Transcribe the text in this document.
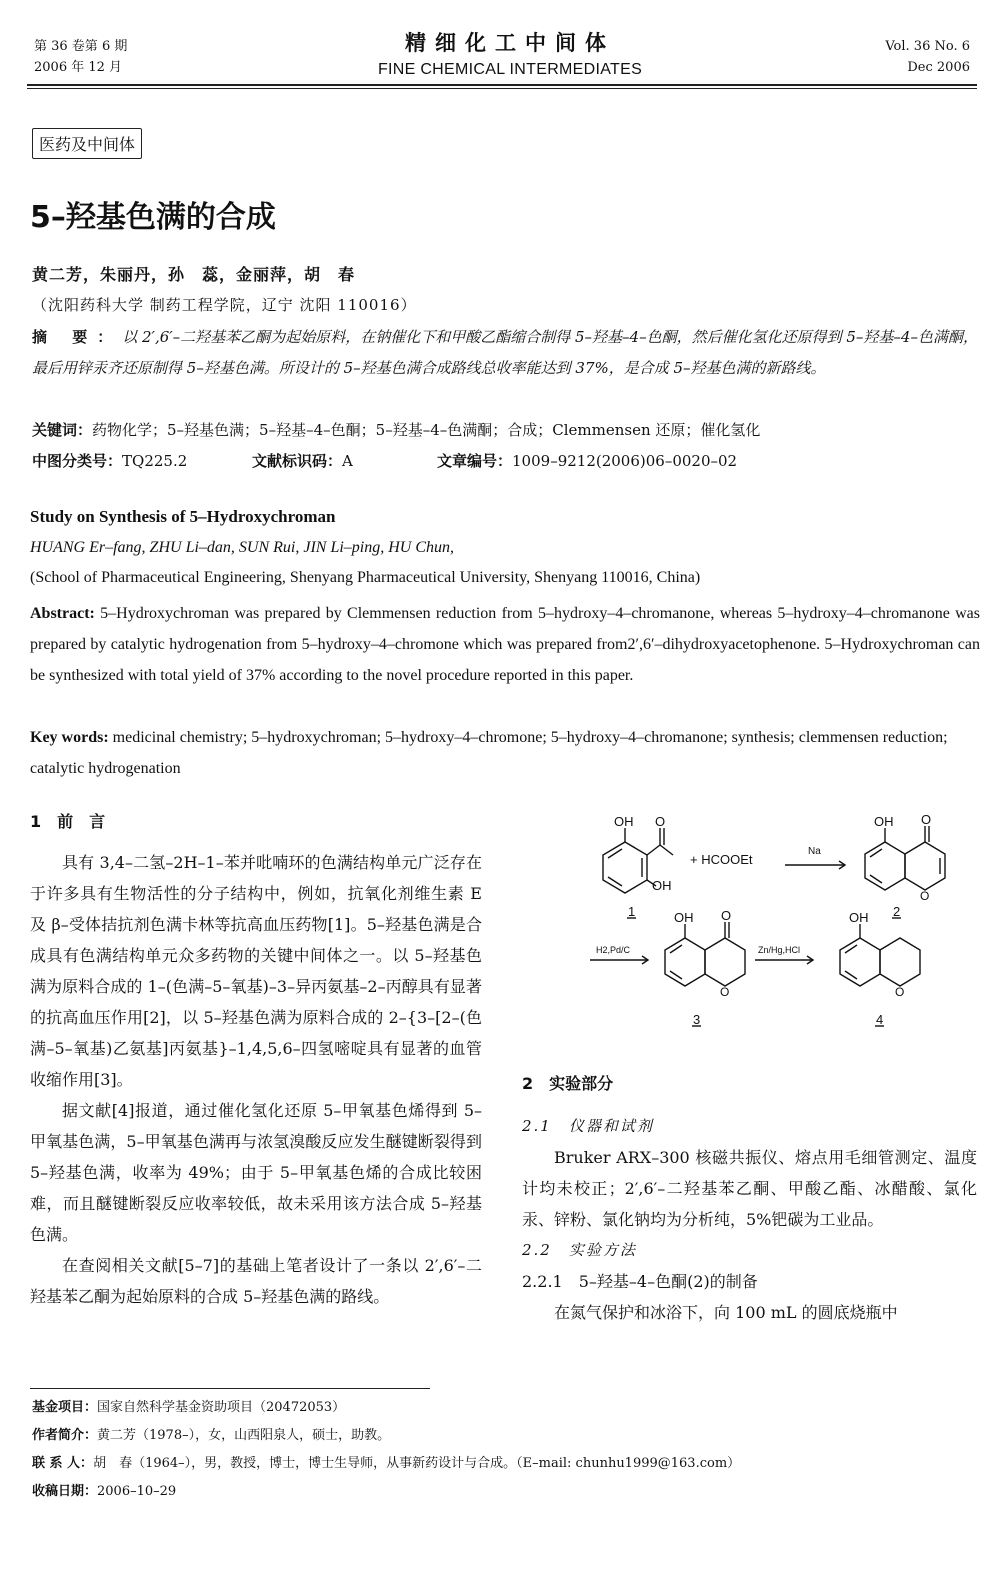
第 36 卷第 6 期
2006 年 12 月
精细化工中间体
FINE CHEMICAL INTERMEDIATES
Vol. 36 No. 6
Dec 2006
医药及中间体
5–羟基色满的合成
黄二芳，朱丽丹，孙　蕊，金丽萍，胡　春
（沈阳药科大学 制药工程学院，辽宁 沈阳 110016）
摘 要：以 2′,6′–二羟基苯乙酮为起始原料，在钠催化下和甲酸乙酯缩合制得 5–羟基–4–色酮，然后催化氢化还原得到 5–羟基–4–色满酮，最后用锌汞齐还原制得 5–羟基色满。所设计的 5–羟基色满合成路线总收率能达到 37%，是合成 5–羟基色满的新路线。
关键词：药物化学；5–羟基色满；5–羟基–4–色酮；5–羟基–4–色满酮；合成；Clemmensen 还原；催化氢化
中图分类号：TQ225.2	文献标识码：A	文章编号：1009–9212(2006)06–0020–02
Study on Synthesis of 5–Hydroxychroman
HUANG Er–fang, ZHU Li–dan, SUN Rui, JIN Li–ping, HU Chun,
(School of Pharmaceutical Engineering, Shenyang Pharmaceutical University, Shenyang 110016, China)
Abstract: 5–Hydroxychroman was prepared by Clemmensen reduction from 5–hydroxy–4–chromanone, whereas 5–hydroxy–4–chromanone was prepared by catalytic hydrogenation from 5–hydroxy–4–chromone which was prepared from2′,6′–dihydroxyacetophenone. 5–Hydroxychroman can be synthesized with total yield of 37% according to the novel procedure reported in this paper.
Key words: medicinal chemistry; 5–hydroxychroman; 5–hydroxy–4–chromone; 5–hydroxy–4–chromanone; synthesis; clemmensen reduction; catalytic hydrogenation
1　前　言

具有 3,4–二氢–2H–1–苯并吡喃环的色满结构单元广泛存在于许多具有生物活性的分子结构中，例如，抗氧化剂维生素 E 及 β–受体拮抗剂色满卡林等抗高血压药物[1]。5–羟基色满是合成具有色满结构单元众多药物的关键中间体之一。以 5–羟基色满为原料合成的 1–(色满–5–氧基)–3–异丙氨基–2–丙醇具有显著的抗高血压作用[2]，以 5–羟基色满为原料合成的 2–{3–[2–(色满–5–氧基)乙氨基]丙氨基}–1,4,5,6–四氢嘧啶具有显著的血管收缩作用[3]。

据文献[4]报道，通过催化氢化还原 5–甲氧基色烯得到 5–甲氧基色满，5–甲氧基色满再与浓氢溴酸反应发生醚键断裂得到 5–羟基色满，收率为 49%；由于 5–甲氧基色烯的合成比较困难，而且醚键断裂反应收率较低，故未采用该方法合成 5–羟基色满。

在查阅相关文献[5–7]的基础上笔者设计了一条以 2′,6′–二羟基苯乙酮为起始原料的合成 5–羟基色满的路线。

OH O
OH
+ HCOOEt
Na
OH O
O
H2,Pd/C
OH O
O
Zn/Hg,HCl
OH
O
1	2
3	4
2　实验部分
2.1　仪器和试剂

Bruker ARX–300 核磁共振仪、熔点用毛细管测定、温度计均未校正；2′,6′–二羟基苯乙酮、甲酸乙酯、冰醋酸、氯化汞、锌粉、氯化钠均为分析纯，5%钯碳为工业品。

2.2　实验方法
2.2.1　5–羟基–4–色酮(2)的制备

在氮气保护和冰浴下，向 100 mL 的圆底烧瓶中

基金项目：国家自然科学基金资助项目（20472053）
作者简介：黄二芳（1978–），女，山西阳泉人，硕士，助教。
联 系 人：胡　春（1964–），男，教授，博士，博士生导师，从事新药设计与合成。（E–mail: chunhu1999@163.com）
收稿日期：2006–10–29
